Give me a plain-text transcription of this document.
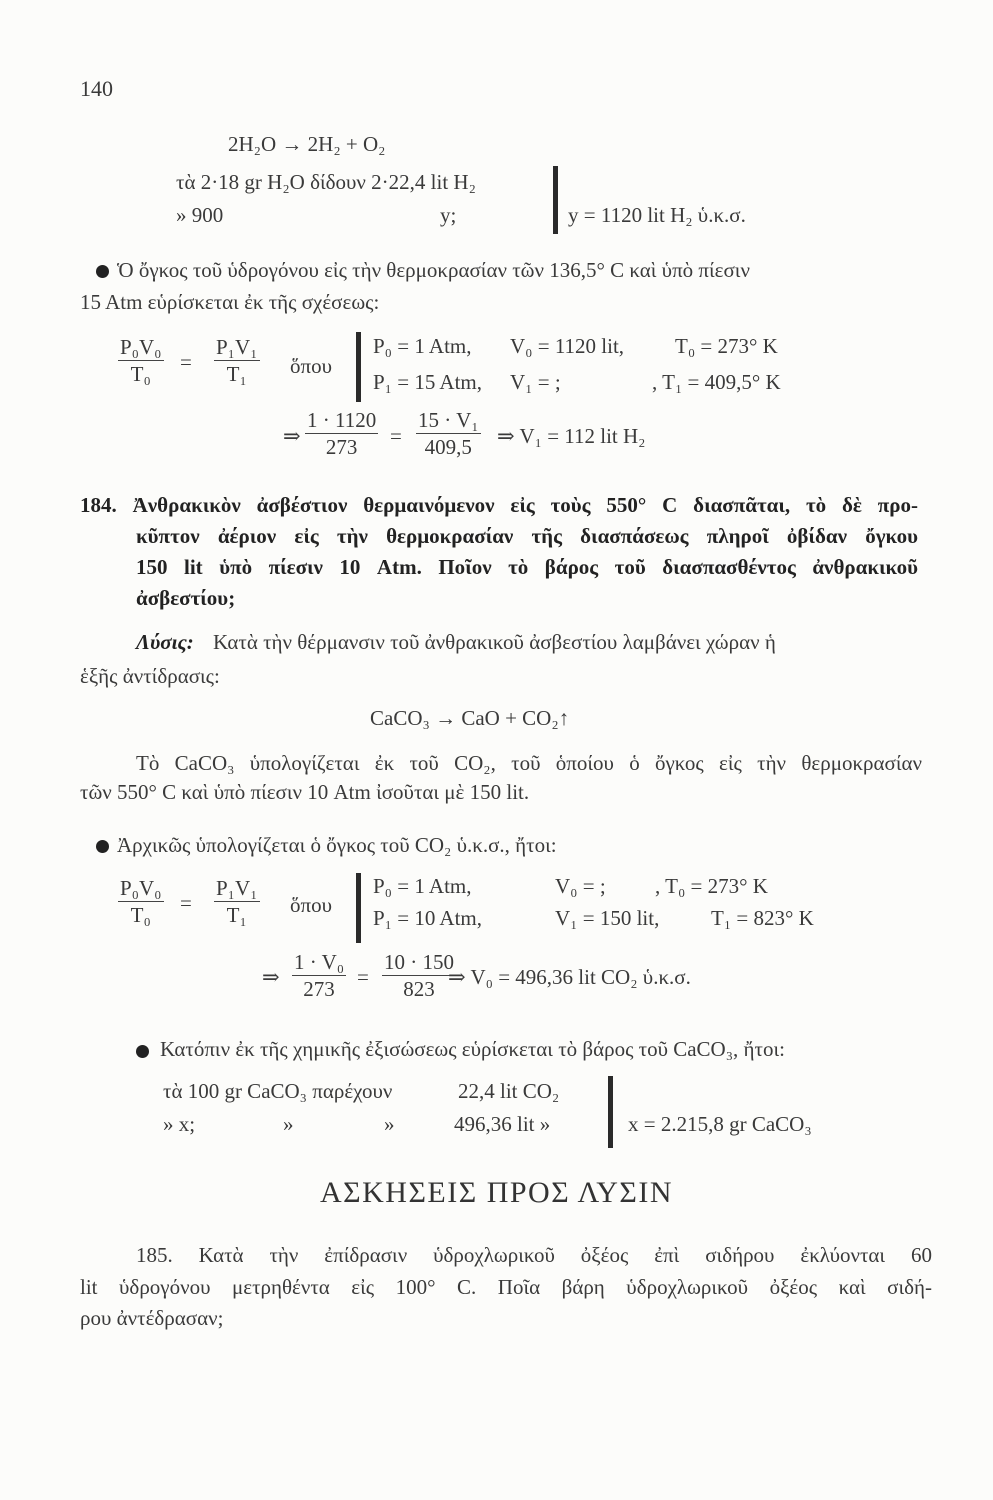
140
2H₂O → 2H₂ + O₂
τὰ 2·18 gr H₂O δίδουν 2·22,4 lit H₂
» 900	y;	y = 1120 lit H₂ ὑ.κ.σ.
Ὁ ὄγκος τοῦ ὑδρογόνου εἰς τὴν θερμοκρασίαν τῶν 136,5° C καὶ ὑπὸ πίεσιν
15 Atm εὑρίσκεται ἐκ τῆς σχέσεως:
$\frac{\text{P₀V₀}}{\text{T₀}} = \frac{\text{P₁V₁}}{\text{T₁}}$ ὅπου
P₀ = 1 Atm, V₀ = 1120 lit, T₀ = 273° K
P₁ = 15 Atm, V₁ = ;	, T₁ = 409,5° K
⇒ $\frac{1 \cdot 1120}{273} = \frac{\text{15 · V₁}}{409,5}$ ⇒ V₁ = 112 lit H₂
184. Ἀνθρακικὸν ἀσβέστιον θερμαινόμενον εἰς τοὺς 550° C διασπᾶται, τὸ δὲ προ-
κῦπτον ἀέριον εἰς τὴν θερμοκρασίαν τῆς διασπάσεως πληροῖ ὀβίδαν ὄγκου
150 lit ὑπὸ πίεσιν 10 Atm. Ποῖον τὸ βάρος τοῦ διασπασθέντος ἀνθρακικοῦ
ἀσβεστίου;
Λύσις: Κατὰ τὴν θέρμανσιν τοῦ ἀνθρακικοῦ ἀσβεστίου λαμβάνει χώραν ἡ
ἑξῆς ἀντίδρασις:
CaCO₃ → CaO + CO₂↑
Τὸ CaCO₃ ὑπολογίζεται ἐκ τοῦ CO₂, τοῦ ὁποίου ὁ ὄγκος εἰς τὴν θερμοκρασίαν
τῶν 550° C καὶ ὑπὸ πίεσιν 10 Atm ἰσοῦται μὲ 150 lit.
Ἀρχικῶς ὑπολογίζεται ὁ ὄγκος τοῦ CO₂ ὑ.κ.σ., ἤτοι:
$\frac{\text{P₀V₀}}{\text{T₀}} = \frac{\text{P₁V₁}}{\text{T₁}}$ ὅπου
P₀ = 1 Atm,	V₀ = ; , T₀ = 273° K
P₁ = 10 Atm,	V₁ = 150 lit, T₁ = 823° K
⇒ $\frac{\text{1 · V₀}}{273} = \frac{10 \cdot 150}{823}$
⇒ V₀ = 496,36 lit CO₂ ὑ.κ.σ.
Κατόπιν ἐκ τῆς χημικῆς ἐξισώσεως εὑρίσκεται τὸ βάρος τοῦ CaCO₃, ἤτοι:
τὰ 100 gr CaCO₃ παρέχουν	22,4 lit CO₂
» x;	»	»	496,36 lit »	x = 2.215,8 gr CaCO₃
ΑΣΚΗΣΕΙΣ ΠΡΟΣ ΛΥΣΙΝ
185. Κατὰ τὴν ἐπίδρασιν ὑδροχλωρικοῦ ὀξέος ἐπὶ σιδήρου ἐκλύονται 60
lit ὑδρογόνου μετρηθέντα εἰς 100° C. Ποῖα βάρη ὑδροχλωρικοῦ ὀξέος καὶ σιδή-
ρου ἀντέδρασαν;
